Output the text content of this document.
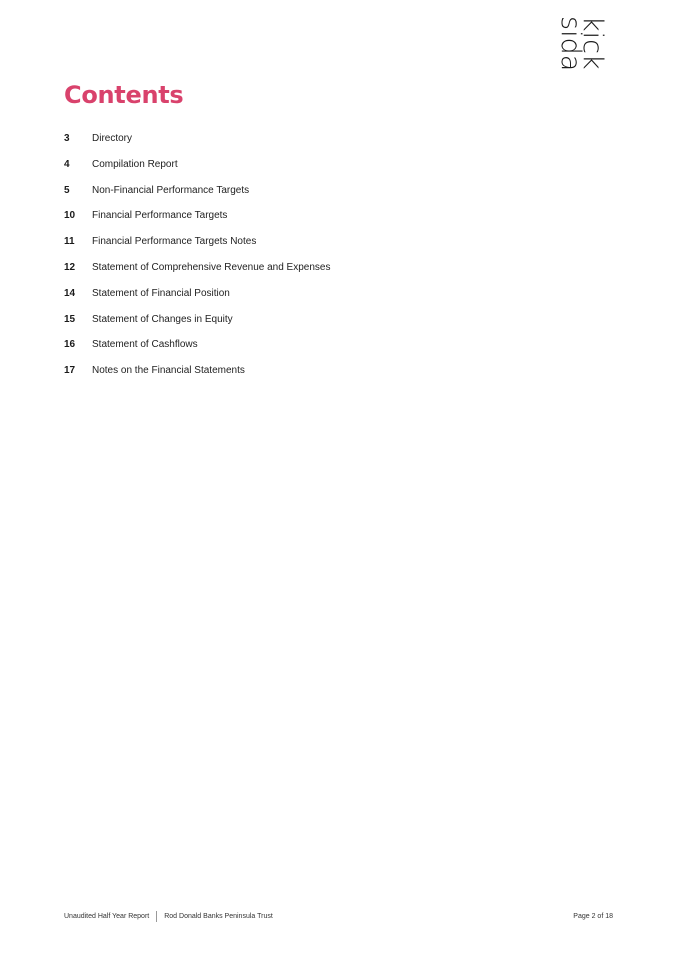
kick
sida
Contents
3	Directory
4	Compilation Report
5	Non-Financial Performance Targets
10	Financial Performance Targets
11	Financial Performance Targets Notes
12	Statement of Comprehensive Revenue and Expenses
14	Statement of Financial Position
15	Statement of Changes in Equity
16	Statement of Cashflows
17	Notes on the Financial Statements
Unaudited Half Year Report Rod Donald Banks Peninsula Trust	Page 2 of 18
